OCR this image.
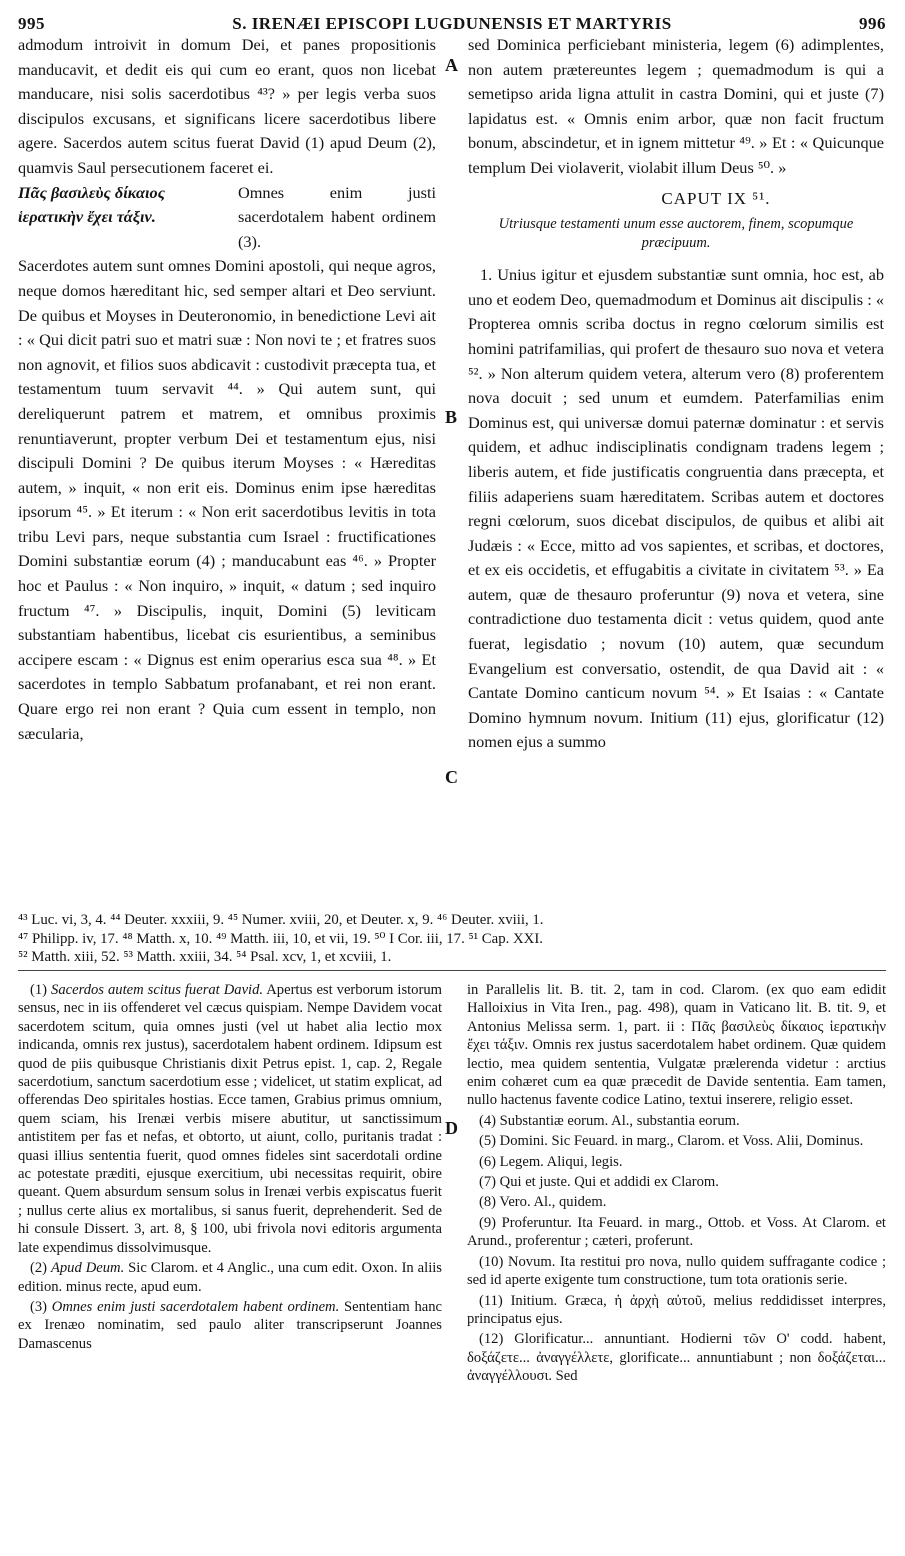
995	S. IRENÆI EPISCOPI LUGDUNENSIS ET MARTYRIS	996

admodum introivit in domum Dei, et panes propositionis manducavit, et dedit eis qui cum eo erant, quos non licebat manducare, nisi solis sacerdotibus ⁴³? » per legis verba suos discipulos excusans, et significans licere sacerdotibus libere agere. Sacerdos autem scitus fuerat David (1) apud Deum (2), quamvis Saul persecutionem faceret ei.

Πᾶς βασιλεὺς δίκαιος ἱερατικὴν ἔχει τάξιν.
Omnes enim justi sacerdotalem habent ordinem (3).

Sacerdotes autem sunt omnes Domini apostoli, qui neque agros, neque domos hæreditant hic, sed semper altari et Deo serviunt. De quibus et Moyses in Deuteronomio, in benedictione Levi ait : « Qui dicit patri suo et matri suæ : Non novi te ; et fratres suos non agnovit, et filios suos abdicavit : custodivit præcepta tua, et testamentum tuum servavit ⁴⁴. » Qui autem sunt, qui dereliquerunt patrem et matrem, et omnibus proximis renuntiaverunt, propter verbum Dei et testamentum ejus, nisi discipuli Domini ? De quibus iterum Moyses : « Hæreditas autem, » inquit, « non erit eis. Dominus enim ipse hæreditas ipsorum ⁴⁵. » Et iterum : « Non erit sacerdotibus levitis in tota tribu Levi pars, neque substantia cum Israel : fructificationes Domini substantiæ eorum (4) ; manducabunt eas ⁴⁶. » Propter hoc et Paulus : « Non inquiro, » inquit, « datum ; sed inquiro fructum ⁴⁷. » Discipulis, inquit, Domini (5) leviticam substantiam habentibus, licebat cis esurientibus, a seminibus accipere escam : « Dignus est enim operarius esca sua ⁴⁸. » Et sacerdotes in templo Sabbatum profanabant, et rei non erant. Quare ergo rei non erant ? Quia cum essent in templo, non sæcularia,

A
B
C
D

sed Dominica perficiebant ministeria, legem (6) adimplentes, non autem prætereuntes legem ; quemadmodum is qui a semetipso arida ligna attulit in castra Domini, qui et juste (7) lapidatus est. « Omnis enim arbor, quæ non facit fructum bonum, abscindetur, et in ignem mittetur ⁴⁹. » Et : « Quicunque templum Dei violaverit, violabit illum Deus ⁵⁰. »

CAPUT IX ⁵¹.
Utriusque testamenti unum esse auctorem, finem, scopumque præcipuum.

1. Unius igitur et ejusdem substantiæ sunt omnia, hoc est, ab uno et eodem Deo, quemadmodum et Dominus ait discipulis : « Propterea omnis scriba doctus in regno cœlorum similis est homini patrifamilias, qui profert de thesauro suo nova et vetera ⁵². » Non alterum quidem vetera, alterum vero (8) proferentem nova docuit ; sed unum et eumdem. Paterfamilias enim Dominus est, qui universæ domui paternæ dominatur : et servis quidem, et adhuc indisciplinatis condignam tradens legem ; liberis autem, et fide justificatis congruentia dans præcepta, et filiis adaperiens suam hæreditatem. Scribas autem et doctores regni cœlorum, suos dicebat discipulos, de quibus et alibi ait Judæis : « Ecce, mitto ad vos sapientes, et scribas, et doctores, et ex eis occidetis, et effugabitis a civitate in civitatem ⁵³. » Ea autem, quæ de thesauro proferuntur (9) nova et vetera, sine contradictione duo testamenta dicit : vetus quidem, quod ante fuerat, legisdatio ; novum (10) autem, quæ secundum Evangelium est conversatio, ostendit, de qua David ait : « Cantate Domino canticum novum ⁵⁴. » Et Isaias : « Cantate Domino hymnum novum. Initium (11) ejus, glorificatur (12) nomen ejus a summo

⁴³ Luc. vi, 3, 4. ⁴⁴ Deuter. xxxiii, 9. ⁴⁵ Numer. xviii, 20, et Deuter. x, 9. ⁴⁶ Deuter. xviii, 1.

⁴⁷ Philipp. iv, 17. ⁴⁸ Matth. x, 10. ⁴⁹ Matth. iii, 10, et vii, 19. ⁵⁰ I Cor. iii, 17. ⁵¹ Cap. XXI.

⁵² Matth. xiii, 52. ⁵³ Matth. xxiii, 34. ⁵⁴ Psal. xcv, 1, et xcviii, 1.

(1) Sacerdos autem scitus fuerat David. Apertus est verborum istorum sensus, nec in iis offenderet vel cæcus quispiam. Nempe Davidem vocat sacerdotem scitum, quia omnes justi (vel ut habet alia lectio mox indicanda, omnis rex justus), sacerdotalem habent ordinem. Idipsum est quod de piis quibusque Christianis dixit Petrus epist. 1, cap. 2, Regale sacerdotium, sanctum sacerdotium esse ; videlicet, ut statim explicat, ad offerendas Deo spiritales hostias. Ecce tamen, Grabius primus omnium, quem sciam, his Irenæi verbis misere abutitur, ut sanctissimum antistitem per fas et nefas, et obtorto, ut aiunt, collo, puritanis tradat : quasi illius sententia fuerit, quod omnes fideles sint sacerdotali ordine ac potestate præditi, ejusque exercitium, ubi necessitas requirit, obire queant. Quem absurdum sensum solus in Irenæi verbis expiscatus fuerit ; nullus certe alius ex mortalibus, si sanus fuerit, deprehenderit. Sed de hi consule Dissert. 3, art. 8, § 100, ubi frivola novi editoris argumenta late expendimus dissolvimusque.

(2) Apud Deum. Sic Clarom. et 4 Anglic., una cum edit. Oxon. In aliis edition. minus recte, apud eum.

(3) Omnes enim justi sacerdotalem habent ordinem. Sententiam hanc ex Irenæo nominatim, sed paulo aliter transcripserunt Joannes Damascenus

in Parallelis lit. B. tit. 2, tam in cod. Clarom. (ex quo eam edidit Halloixius in Vita Iren., pag. 498), quam in Vaticano lit. B. tit. 9, et Antonius Melissa serm. 1, part. ii : Πᾶς βασιλεὺς δίκαιος ἱερατικὴν ἔχει τάξιν. Omnis rex justus sacerdotalem habet ordinem. Quæ quidem lectio, mea quidem sententia, Vulgatæ prælerenda videtur : arctius enim cohæret cum ea quæ præcedit de Davide sententia. Eam tamen, nullo hactenus favente codice Latino, textui inserere, religio esset.

(4) Substantiæ eorum. Al., substantia eorum.

(5) Domini. Sic Feuard. in marg., Clarom. et Voss. Alii, Dominus.

(6) Legem. Aliqui, legis.

(7) Qui et juste. Qui et addidi ex Clarom.

(8) Vero. Al., quidem.

(9) Proferuntur. Ita Feuard. in marg., Ottob. et Voss. At Clarom. et Arund., proferentur ; cæteri, proferunt.

(10) Novum. Ita restitui pro nova, nullo quidem suffragante codice ; sed id aperte exigente tum constructione, tum tota orationis serie.

(11) Initium. Græca, ἡ ἀρχὴ αὐτοῦ, melius reddidisset interpres, principatus ejus.

(12) Glorificatur... annuntiant. Hodierni τῶν Ο' codd. habent, δοξάζετε... ἀναγγέλλετε, glorificate... annuntiabunt ; non δοξάζεται... ἀναγγέλλουσι. Sed
